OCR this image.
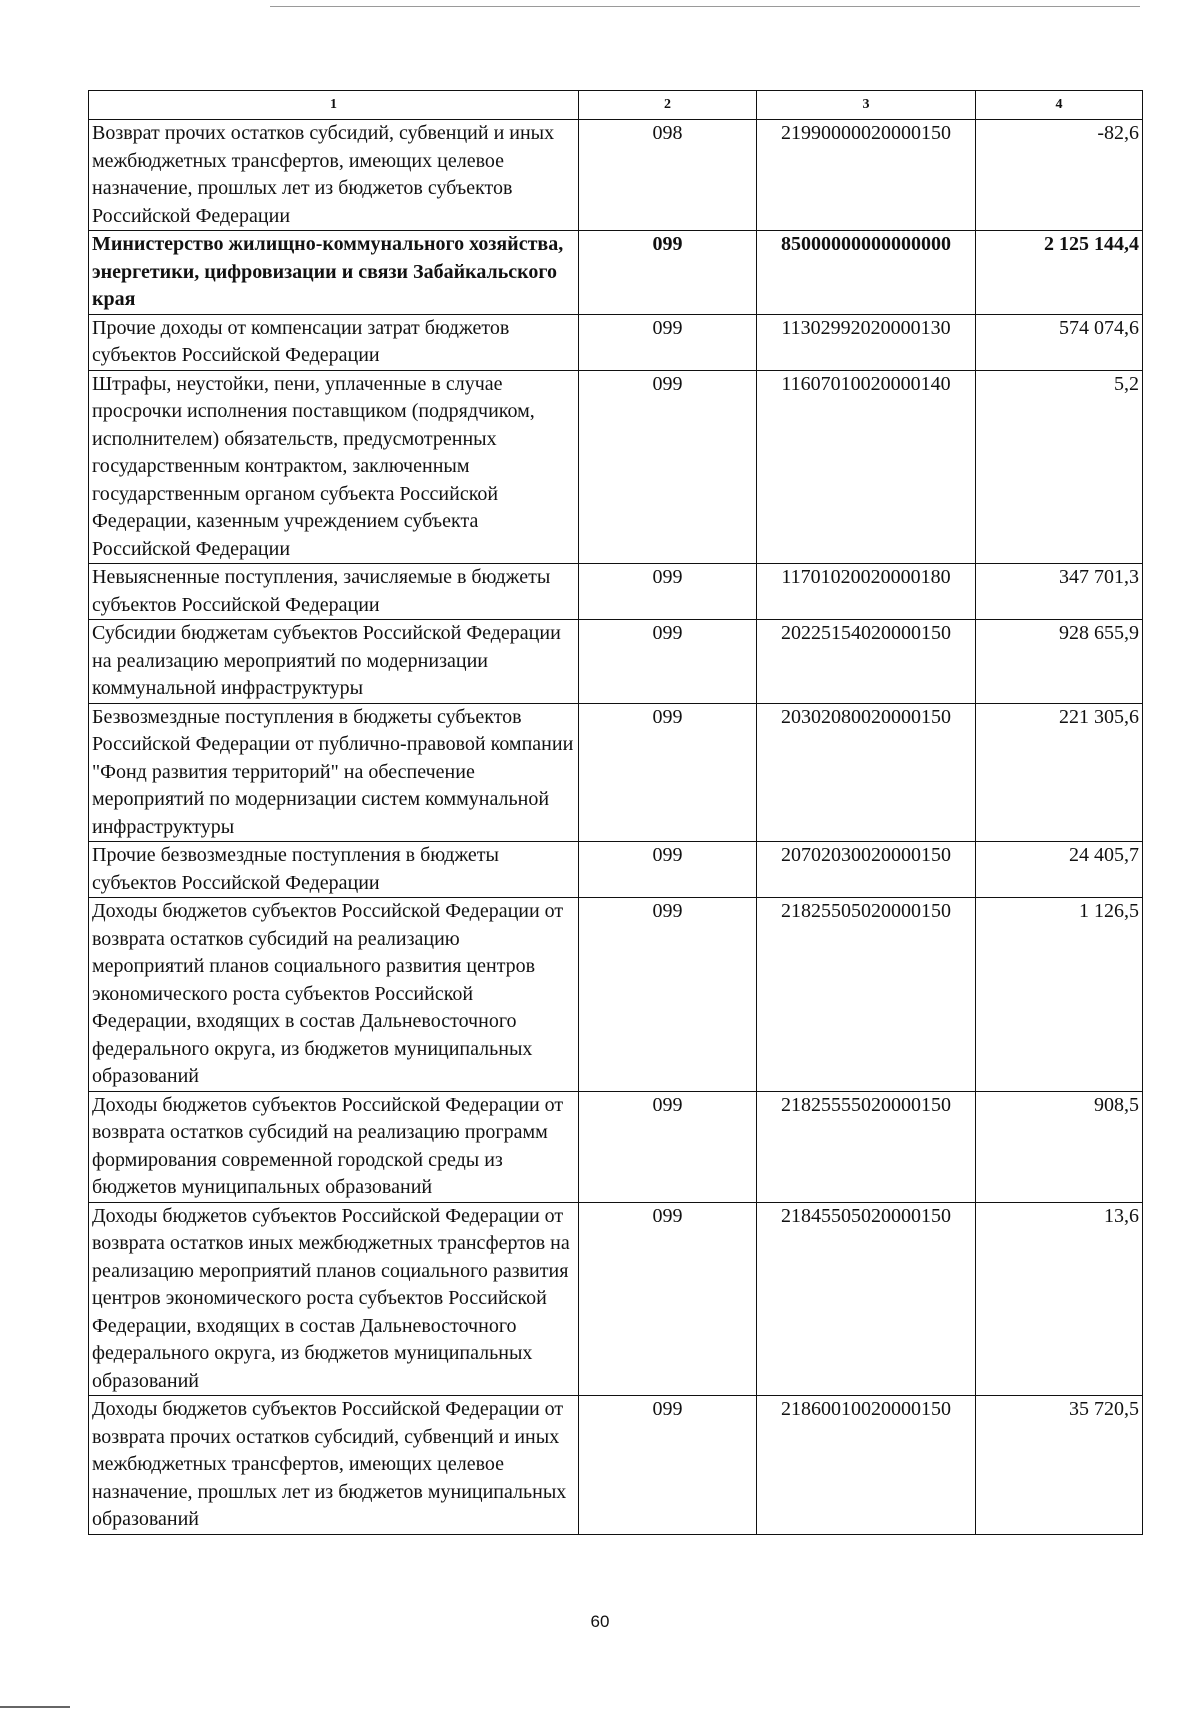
1	2	3	4
Возврат прочих остатков субсидий, субвенций и иных межбюджетных трансфертов, имеющих целевое назначение, прошлых лет из бюджетов субъектов Российской Федерации	098	21990000020000150	-82,6
Министерство жилищно-коммунального хозяйства, энергетики, цифровизации и связи Забайкальского края	099	85000000000000000	2 125 144,4
Прочие доходы от компенсации затрат бюджетов субъектов Российской Федерации	099	11302992020000130	574 074,6
Штрафы, неустойки, пени, уплаченные в случае просрочки исполнения поставщиком (подрядчиком, исполнителем) обязательств, предусмотренных государственным контрактом, заключенным государственным органом субъекта Российской Федерации, казенным учреждением субъекта Российской Федерации	099	11607010020000140	5,2
Невыясненные поступления, зачисляемые в бюджеты субъектов Российской Федерации	099	11701020020000180	347 701,3
Субсидии бюджетам субъектов Российской Федерации на реализацию мероприятий по модернизации коммунальной инфраструктуры	099	20225154020000150	928 655,9
Безвозмездные поступления в бюджеты субъектов Российской Федерации от публично-правовой компании "Фонд развития территорий" на обеспечение мероприятий по модернизации систем коммунальной инфраструктуры	099	20302080020000150	221 305,6
Прочие безвозмездные поступления в бюджеты субъектов Российской Федерации	099	20702030020000150	24 405,7
Доходы бюджетов субъектов Российской Федерации от возврата остатков субсидий на реализацию мероприятий планов социального развития центров экономического роста субъектов Российской Федерации, входящих в состав Дальневосточного федерального округа, из бюджетов муниципальных образований	099	21825505020000150	1 126,5
Доходы бюджетов субъектов Российской Федерации от возврата остатков субсидий на реализацию программ формирования современной городской среды из бюджетов муниципальных образований	099	21825555020000150	908,5
Доходы бюджетов субъектов Российской Федерации от возврата остатков иных межбюджетных трансфертов на реализацию мероприятий планов социального развития центров экономического роста субъектов Российской Федерации, входящих в состав Дальневосточного федерального округа, из бюджетов муниципальных образований	099	21845505020000150	13,6
Доходы бюджетов субъектов Российской Федерации от возврата прочих остатков субсидий, субвенций и иных межбюджетных трансфертов, имеющих целевое назначение, прошлых лет из бюджетов муниципальных образований	099	21860010020000150	35 720,5
60
